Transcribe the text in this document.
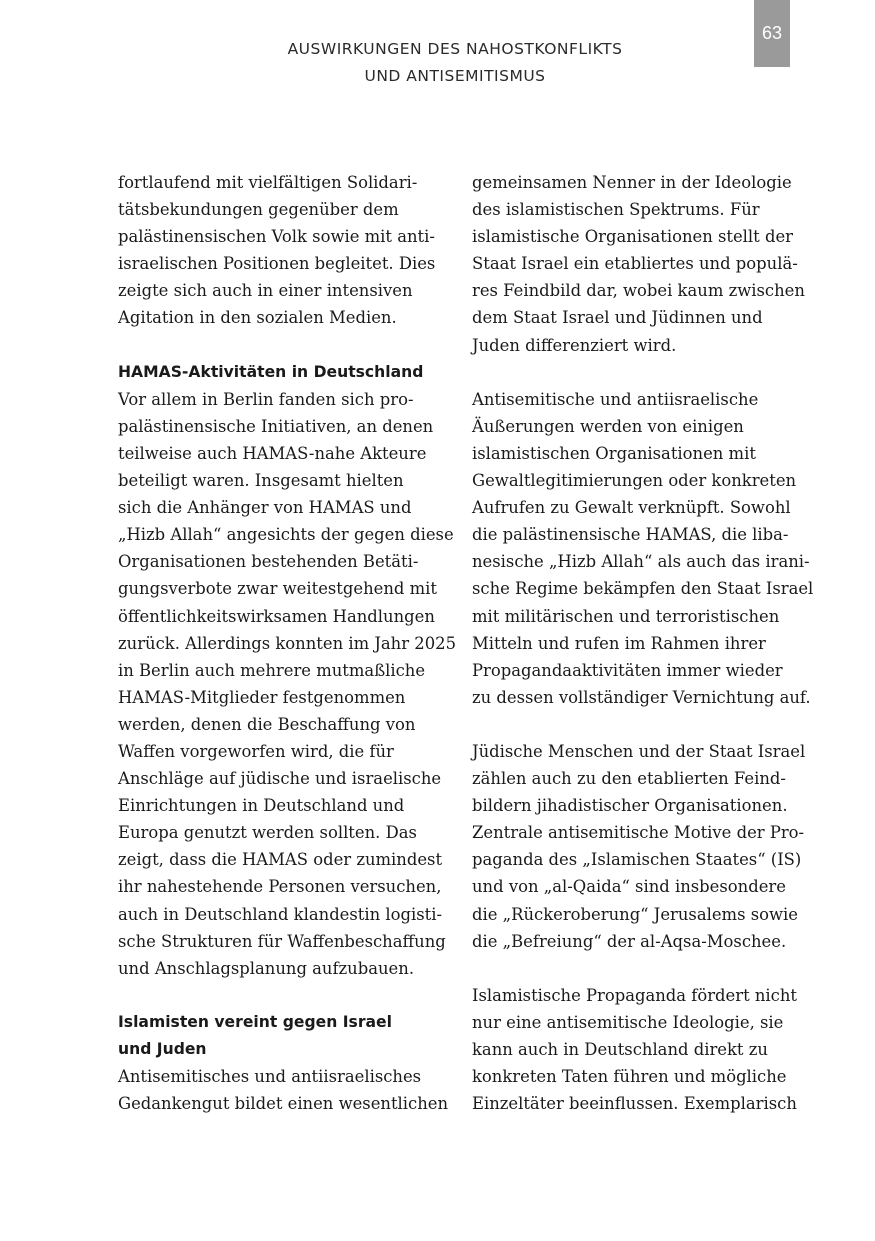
63
AUSWIRKUNGEN DES NAHOSTKONFLIKTS
UND ANTISEMITISMUS
fortlaufend mit vielfältigen Solidari-
tätsbekundungen gegenüber dem
palästinensischen Volk sowie mit anti-
israelischen Positionen begleitet. Dies
zeigte sich auch in einer intensiven
Agitation in den sozialen Medien.
HAMAS-Aktivitäten in Deutschland
Vor allem in Berlin fanden sich pro-
palästinensische Initiativen, an denen
teilweise auch HAMAS-nahe Akteure
beteiligt waren. Insgesamt hielten
sich die Anhänger von HAMAS und
„Hizb Allah“ angesichts der gegen diese
Organisationen bestehenden Betäti-
gungsverbote zwar weitestgehend mit
öffentlichkeitswirksamen Handlungen
zurück. Allerdings konnten im Jahr 2025
in Berlin auch mehrere mutmaßliche
HAMAS-Mitglieder festgenommen
werden, denen die Beschaffung von
Waffen vorgeworfen wird, die für
Anschläge auf jüdische und israelische
Einrichtungen in Deutschland und
Europa genutzt werden sollten. Das
zeigt, dass die HAMAS oder zumindest
ihr nahestehende Personen versuchen,
auch in Deutschland klandestin logisti-
sche Strukturen für Waffenbeschaffung
und Anschlagsplanung aufzubauen.
Islamisten vereint gegen Israel
und Juden
Antisemitisches und antiisraelisches
Gedankengut bildet einen wesentlichen
gemeinsamen Nenner in der Ideologie
des islamistischen Spektrums. Für
islamistische Organisationen stellt der
Staat Israel ein etabliertes und populä-
res Feindbild dar, wobei kaum zwischen
dem Staat Israel und Jüdinnen und
Juden differenziert wird.
Antisemitische und antiisraelische
Äußerungen werden von einigen
islamistischen Organisationen mit
Gewaltlegitimierungen oder konkreten
Aufrufen zu Gewalt verknüpft. Sowohl
die palästinensische HAMAS, die liba-
nesische „Hizb Allah“ als auch das irani-
sche Regime bekämpfen den Staat Israel
mit militärischen und terroristischen
Mitteln und rufen im Rahmen ihrer
Propagandaaktivitäten immer wieder
zu dessen vollständiger Vernichtung auf.
Jüdische Menschen und der Staat Israel
zählen auch zu den etablierten Feind-
bildern jihadistischer Organisationen.
Zentrale antisemitische Motive der Pro-
paganda des „Islamischen Staates“ (IS)
und von „al-Qaida“ sind insbesondere
die „Rückeroberung“ Jerusalems sowie
die „Befreiung“ der al-Aqsa-Moschee.
Islamistische Propaganda fördert nicht
nur eine antisemitische Ideologie, sie
kann auch in Deutschland direkt zu
konkreten Taten führen und mögliche
Einzeltäter beeinflussen. Exemplarisch
